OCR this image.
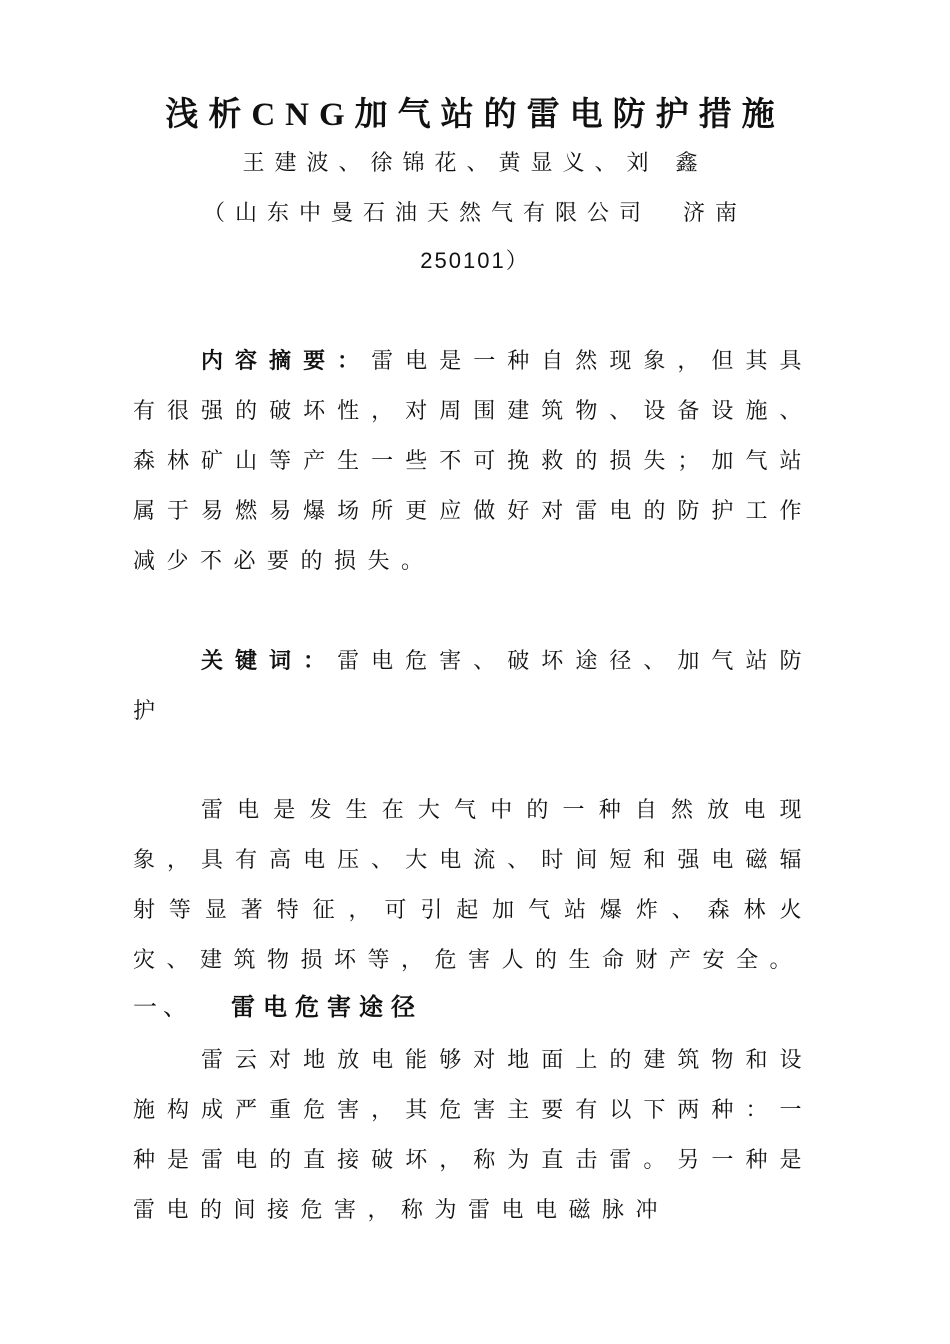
浅析CNG加气站的雷电防护措施
王建波、徐锦花、黄显义、刘 鑫
（山东中曼石油天然气有限公司　济南
250101）
内容摘要：雷电是一种自然现象，但其具有很强的破坏性，对周围建筑物、设备设施、森林矿山等产生一些不可挽救的损失；加气站属于易燃易爆场所更应做好对雷电的防护工作减少不必要的损失。
关键词：雷电危害、破坏途径、加气站防护
雷电是发生在大气中的一种自然放电现象，具有高电压、大电流、时间短和强电磁辐射等显著特征，可引起加气站爆炸、森林火灾、建筑物损坏等，危害人的生命财产安全。
一、 雷电危害途径
雷云对地放电能够对地面上的建筑物和设施构成严重危害，其危害主要有以下两种：一种是雷电的直接破坏，称为直击雷。另一种是雷电的间接危害，称为雷电电磁脉冲
